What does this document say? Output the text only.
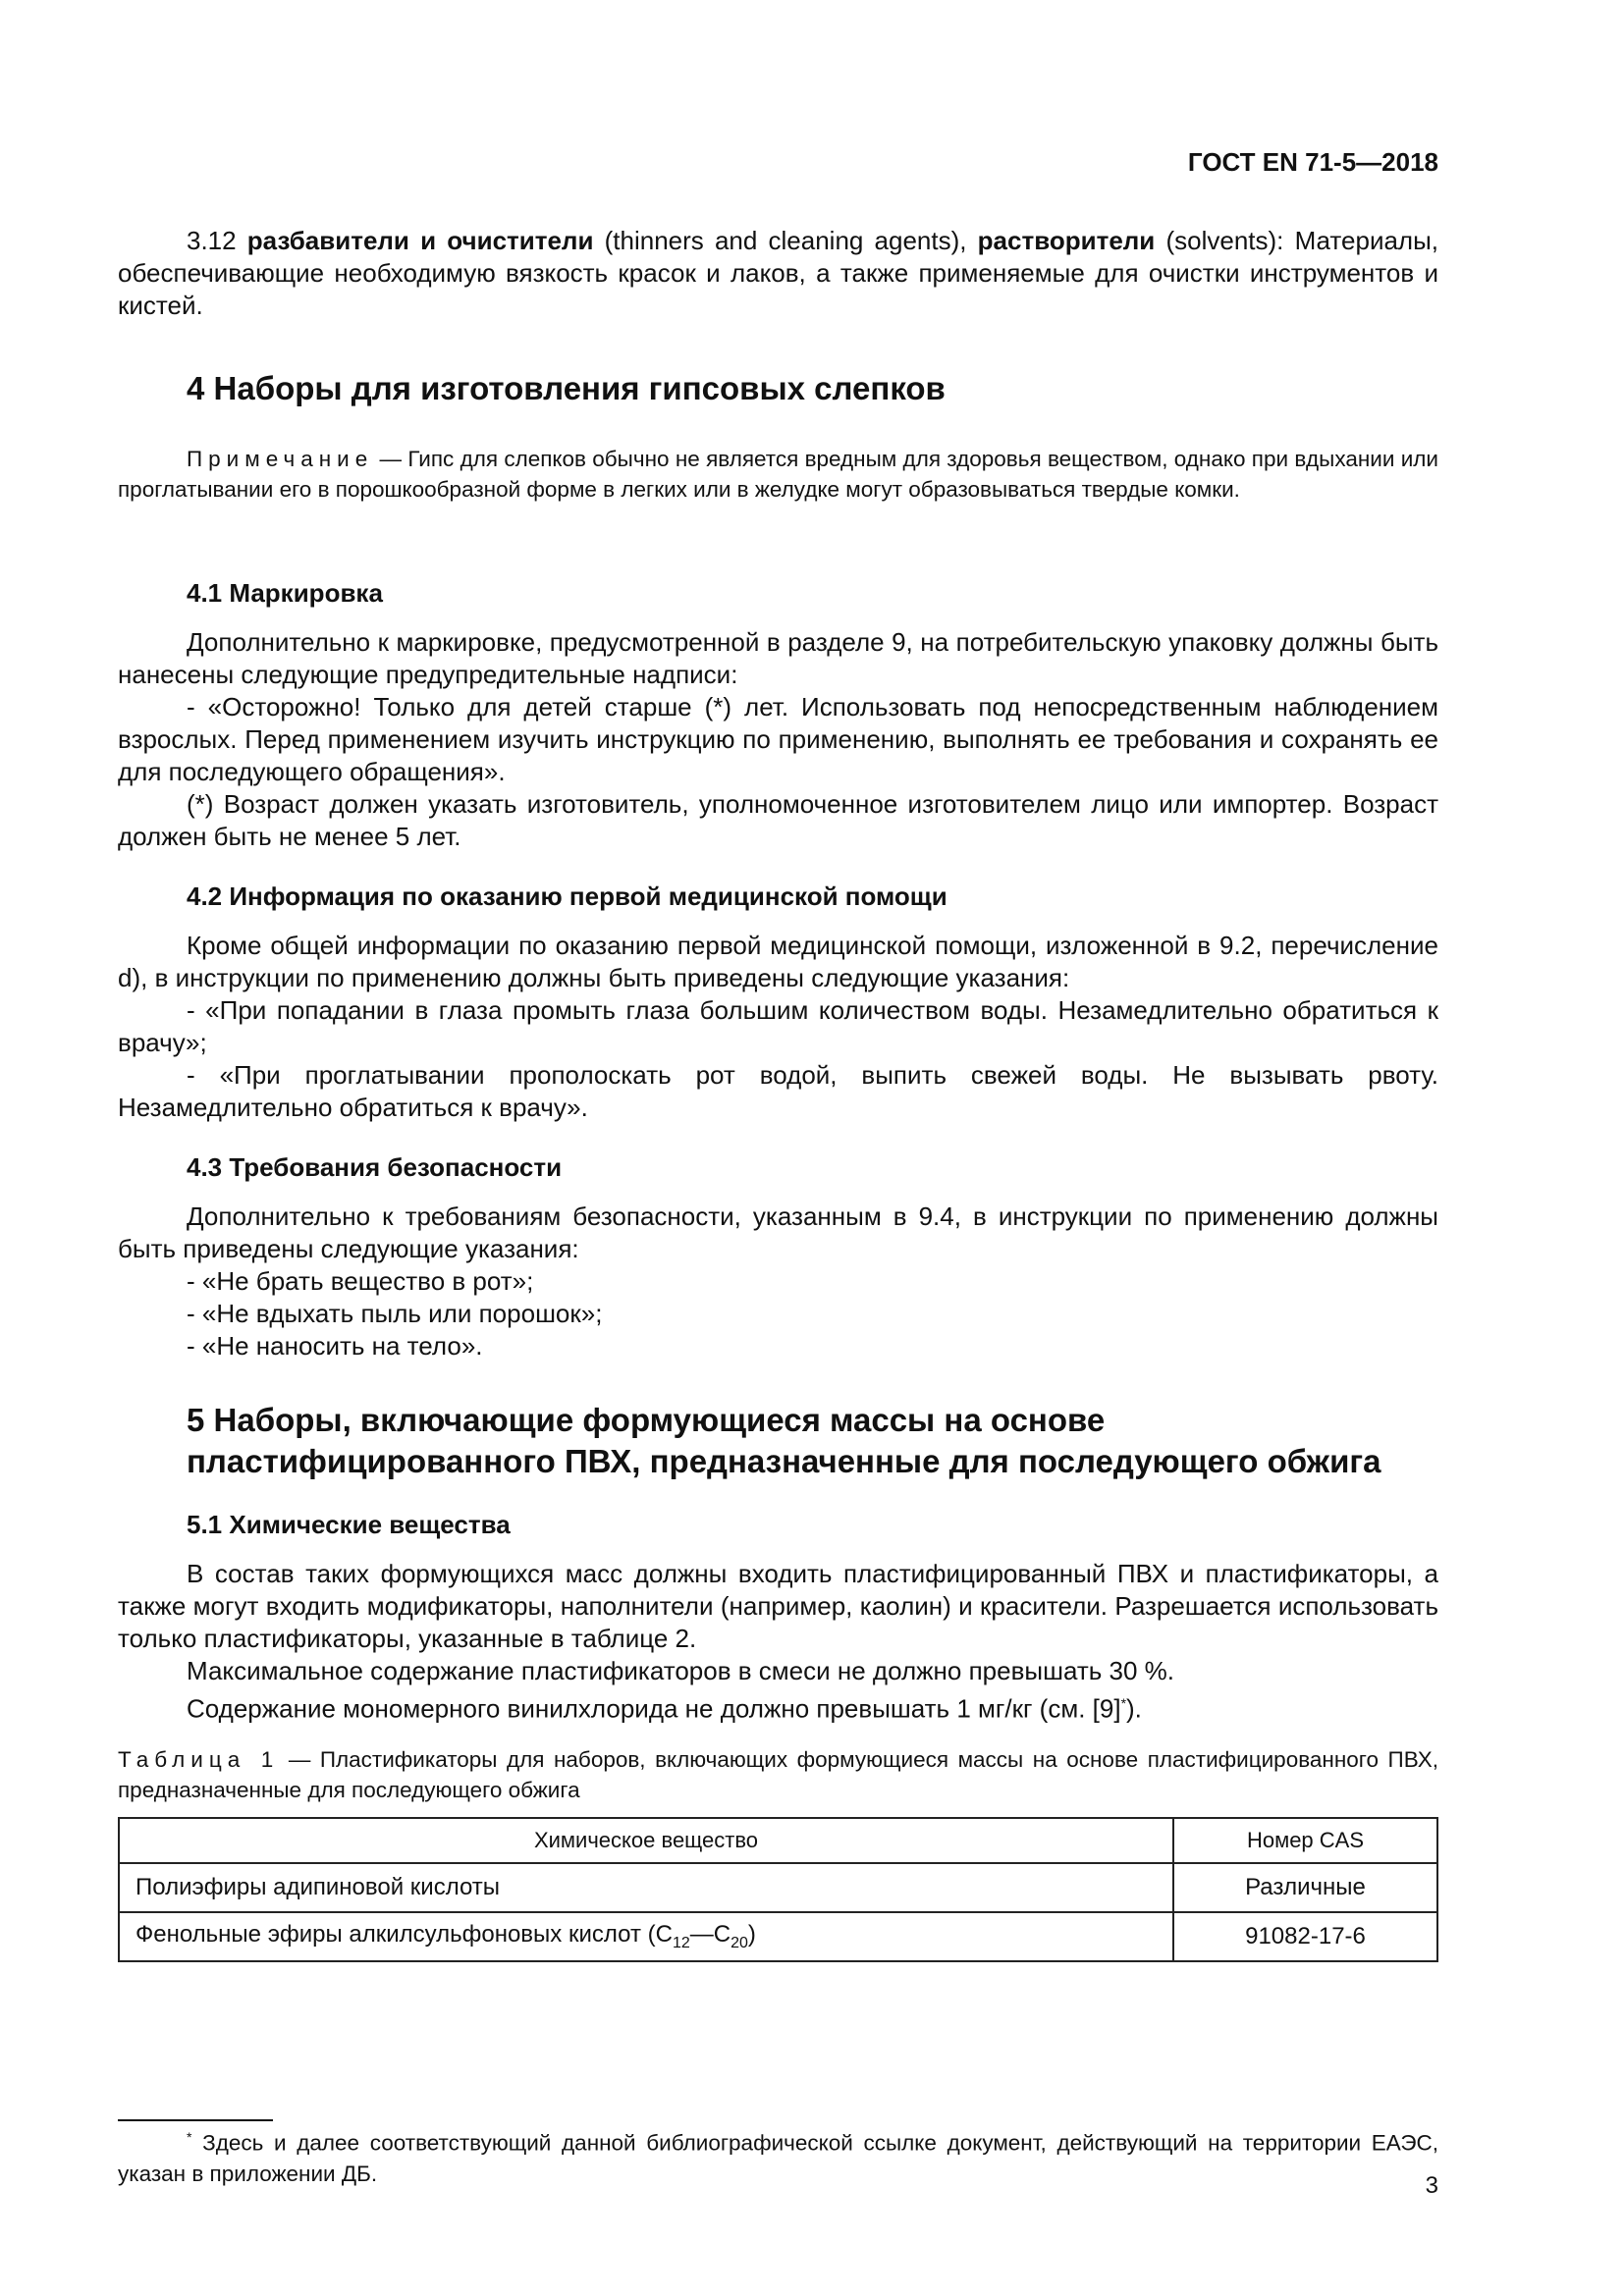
ГОСТ EN 71-5—2018

3.12 разбавители и очистители (thinners and cleaning agents), растворители (solvents): Материалы, обеспечивающие необходимую вязкость красок и лаков, а также применяемые для очистки инструментов и кистей.

4 Наборы для изготовления гипсовых слепков

Примечание — Гипс для слепков обычно не является вредным для здоровья веществом, однако при вдыхании или проглатывании его в порошкообразной форме в легких или в желудке могут образовываться твердые комки.

4.1 Маркировка

Дополнительно к маркировке, предусмотренной в разделе 9, на потребительскую упаковку должны быть нанесены следующие предупредительные надписи:

- «Осторожно! Только для детей старше (*) лет. Использовать под непосредственным наблюдением взрослых. Перед применением изучить инструкцию по применению, выполнять ее требования и сохранять ее для последующего обращения».

(*) Возраст должен указать изготовитель, уполномоченное изготовителем лицо или импортер. Возраст должен быть не менее 5 лет.

4.2 Информация по оказанию первой медицинской помощи

Кроме общей информации по оказанию первой медицинской помощи, изложенной в 9.2, перечисление d), в инструкции по применению должны быть приведены следующие указания:

- «При попадании в глаза промыть глаза большим количеством воды. Незамедлительно обратиться к врачу»;

- «При проглатывании прополоскать рот водой, выпить свежей воды. Не вызывать рвоту. Незамедлительно обратиться к врачу».

4.3 Требования безопасности

Дополнительно к требованиям безопасности, указанным в 9.4, в инструкции по применению должны быть приведены следующие указания:

- «Не брать вещество в рот»;

- «Не вдыхать пыль или порошок»;

- «Не наносить на тело».

5 Наборы, включающие формующиеся массы на основе
пластифицированного ПВХ, предназначенные для последующего обжига
5.1 Химические вещества

В состав таких формующихся масс должны входить пластифицированный ПВХ и пластификаторы, а также могут входить модификаторы, наполнители (например, каолин) и красители. Разрешается использовать только пластификаторы, указанные в таблице 2.

Максимальное содержание пластификаторов в смеси не должно превышать 30 %.

Содержание мономерного винилхлорида не должно превышать 1 мг/кг (см. [9]*).

Таблица 1 — Пластификаторы для наборов, включающих формующиеся массы на основе пластифицированного ПВХ, предназначенные для последующего обжига

Химическое вещество	Номер CAS
Полиэфиры адипиновой кислоты	Различные
Фенольные эфиры алкилсульфоновых кислот $(C_{12}—C_{20})$	91082-17-6

* Здесь и далее соответствующий данной библиографической ссылке документ, действующий на территории ЕАЭС, указан в приложении ДБ.	3
